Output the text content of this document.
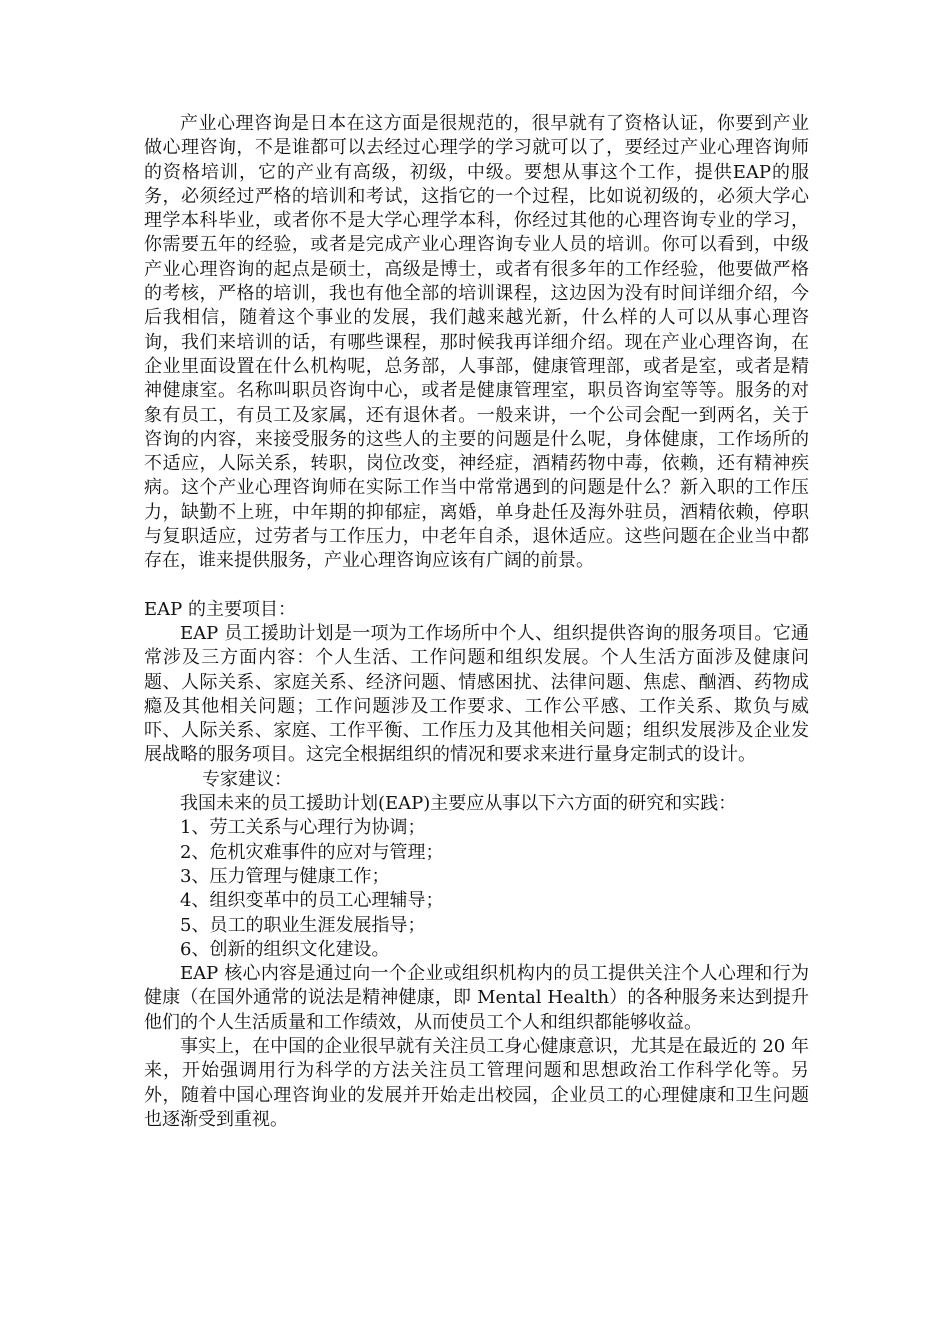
产业心理咨询是日本在这方面是很规范的，很早就有了资格认证，你要到产业做心理咨询，不是谁都可以去经过心理学的学习就可以了，要经过产业心理咨询师的资格培训，它的产业有高级，初级，中级。要想从事这个工作，提供EAP的服务，必须经过严格的培训和考试，这指它的一个过程，比如说初级的，必须大学心理学本科毕业，或者你不是大学心理学本科，你经过其他的心理咨询专业的学习，你需要五年的经验，或者是完成产业心理咨询专业人员的培训。你可以看到，中级产业心理咨询的起点是硕士，高级是博士，或者有很多年的工作经验，他要做严格的考核，严格的培训，我也有他全部的培训课程，这边因为没有时间详细介绍，今后我相信，随着这个事业的发展，我们越来越光新，什么样的人可以从事心理咨询，我们来培训的话，有哪些课程，那时候我再详细介绍。现在产业心理咨询，在企业里面设置在什么机构呢，总务部，人事部，健康管理部，或者是室，或者是精神健康室。名称叫职员咨询中心，或者是健康管理室，职员咨询室等等。服务的对象有员工，有员工及家属，还有退休者。一般来讲，一个公司会配一到两名，关于咨询的内容，来接受服务的这些人的主要的问题是什么呢，身体健康，工作场所的不适应，人际关系，转职，岗位改变，神经症，酒精药物中毒，依赖，还有精神疾病。这个产业心理咨询师在实际工作当中常常遇到的问题是什么？新入职的工作压力，缺勤不上班，中年期的抑郁症，离婚，单身赴任及海外驻员，酒精依赖，停职与复职适应，过劳者与工作压力，中老年自杀，退休适应。这些问题在企业当中都存在，谁来提供服务，产业心理咨询应该有广阔的前景。

EAP 的主要项目：

EAP 员工援助计划是一项为工作场所中个人、组织提供咨询的服务项目。它通常涉及三方面内容：个人生活、工作问题和组织发展。个人生活方面涉及健康问题、人际关系、家庭关系、经济问题、情感困扰、法律问题、焦虑、酗酒、药物成瘾及其他相关问题；工作问题涉及工作要求、工作公平感、工作关系、欺负与威吓、人际关系、家庭、工作平衡、工作压力及其他相关问题；组织发展涉及企业发展战略的服务项目。这完全根据组织的情况和要求来进行量身定制式的设计。

专家建议：

我国未来的员工援助计划(EAP)主要应从事以下六方面的研究和实践：

1、劳工关系与心理行为协调；

2、危机灾难事件的应对与管理；

3、压力管理与健康工作；

4、组织变革中的员工心理辅导；

5、员工的职业生涯发展指导；

6、创新的组织文化建设。

EAP 核心内容是通过向一个企业或组织机构内的员工提供关注个人心理和行为健康（在国外通常的说法是精神健康，即 Mental Health）的各种服务来达到提升他们的个人生活质量和工作绩效，从而使员工个人和组织都能够收益。

事实上，在中国的企业很早就有关注员工身心健康意识，尤其是在最近的 20 年来，开始强调用行为科学的方法关注员工管理问题和思想政治工作科学化等。另外，随着中国心理咨询业的发展并开始走出校园，企业员工的心理健康和卫生问题也逐渐受到重视。
